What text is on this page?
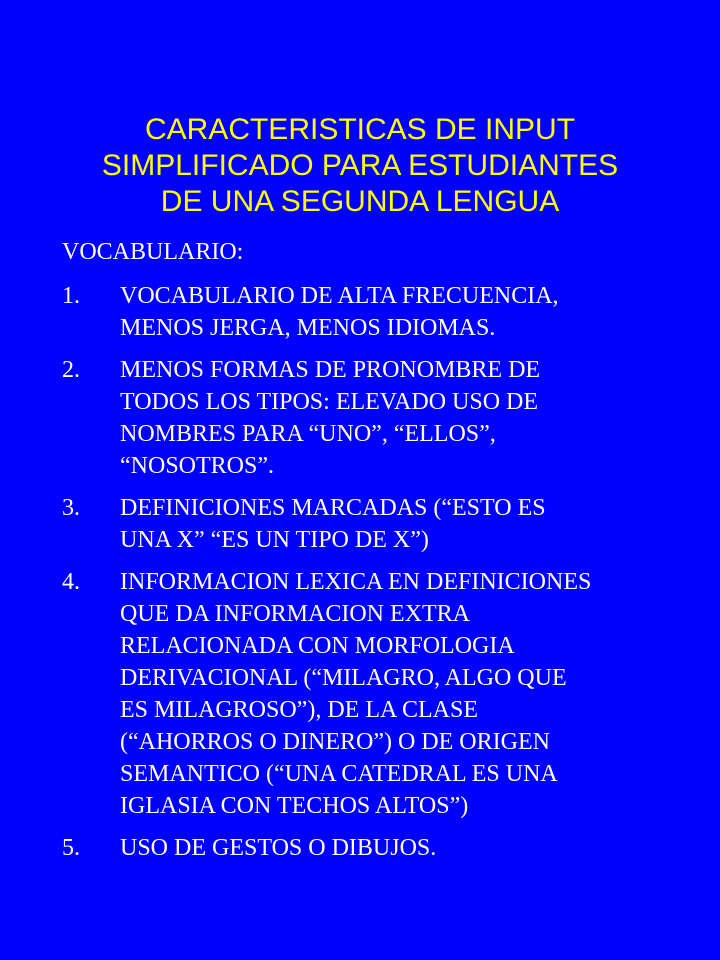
CARACTERISTICAS DE INPUT
SIMPLIFICADO PARA ESTUDIANTES
DE UNA SEGUNDA LENGUA
VOCABULARIO:
1. VOCABULARIO DE ALTA FRECUENCIA,
MENOS JERGA, MENOS IDIOMAS.
2. MENOS FORMAS DE PRONOMBRE DE
TODOS LOS TIPOS: ELEVADO USO DE
NOMBRES PARA “UNO”, “ELLOS”,
“NOSOTROS”.
3. DEFINICIONES MARCADAS (“ESTO ES
UNA X” “ES UN TIPO DE X”)
4. INFORMACION LEXICA EN DEFINICIONES
QUE DA INFORMACION EXTRA
RELACIONADA CON MORFOLOGIA
DERIVACIONAL (“MILAGRO, ALGO QUE
ES MILAGROSO”), DE LA CLASE
(“AHORROS O DINERO”) O DE ORIGEN
SEMANTICO (“UNA CATEDRAL ES UNA
IGLASIA CON TECHOS ALTOS”)
5. USO DE GESTOS O DIBUJOS.
